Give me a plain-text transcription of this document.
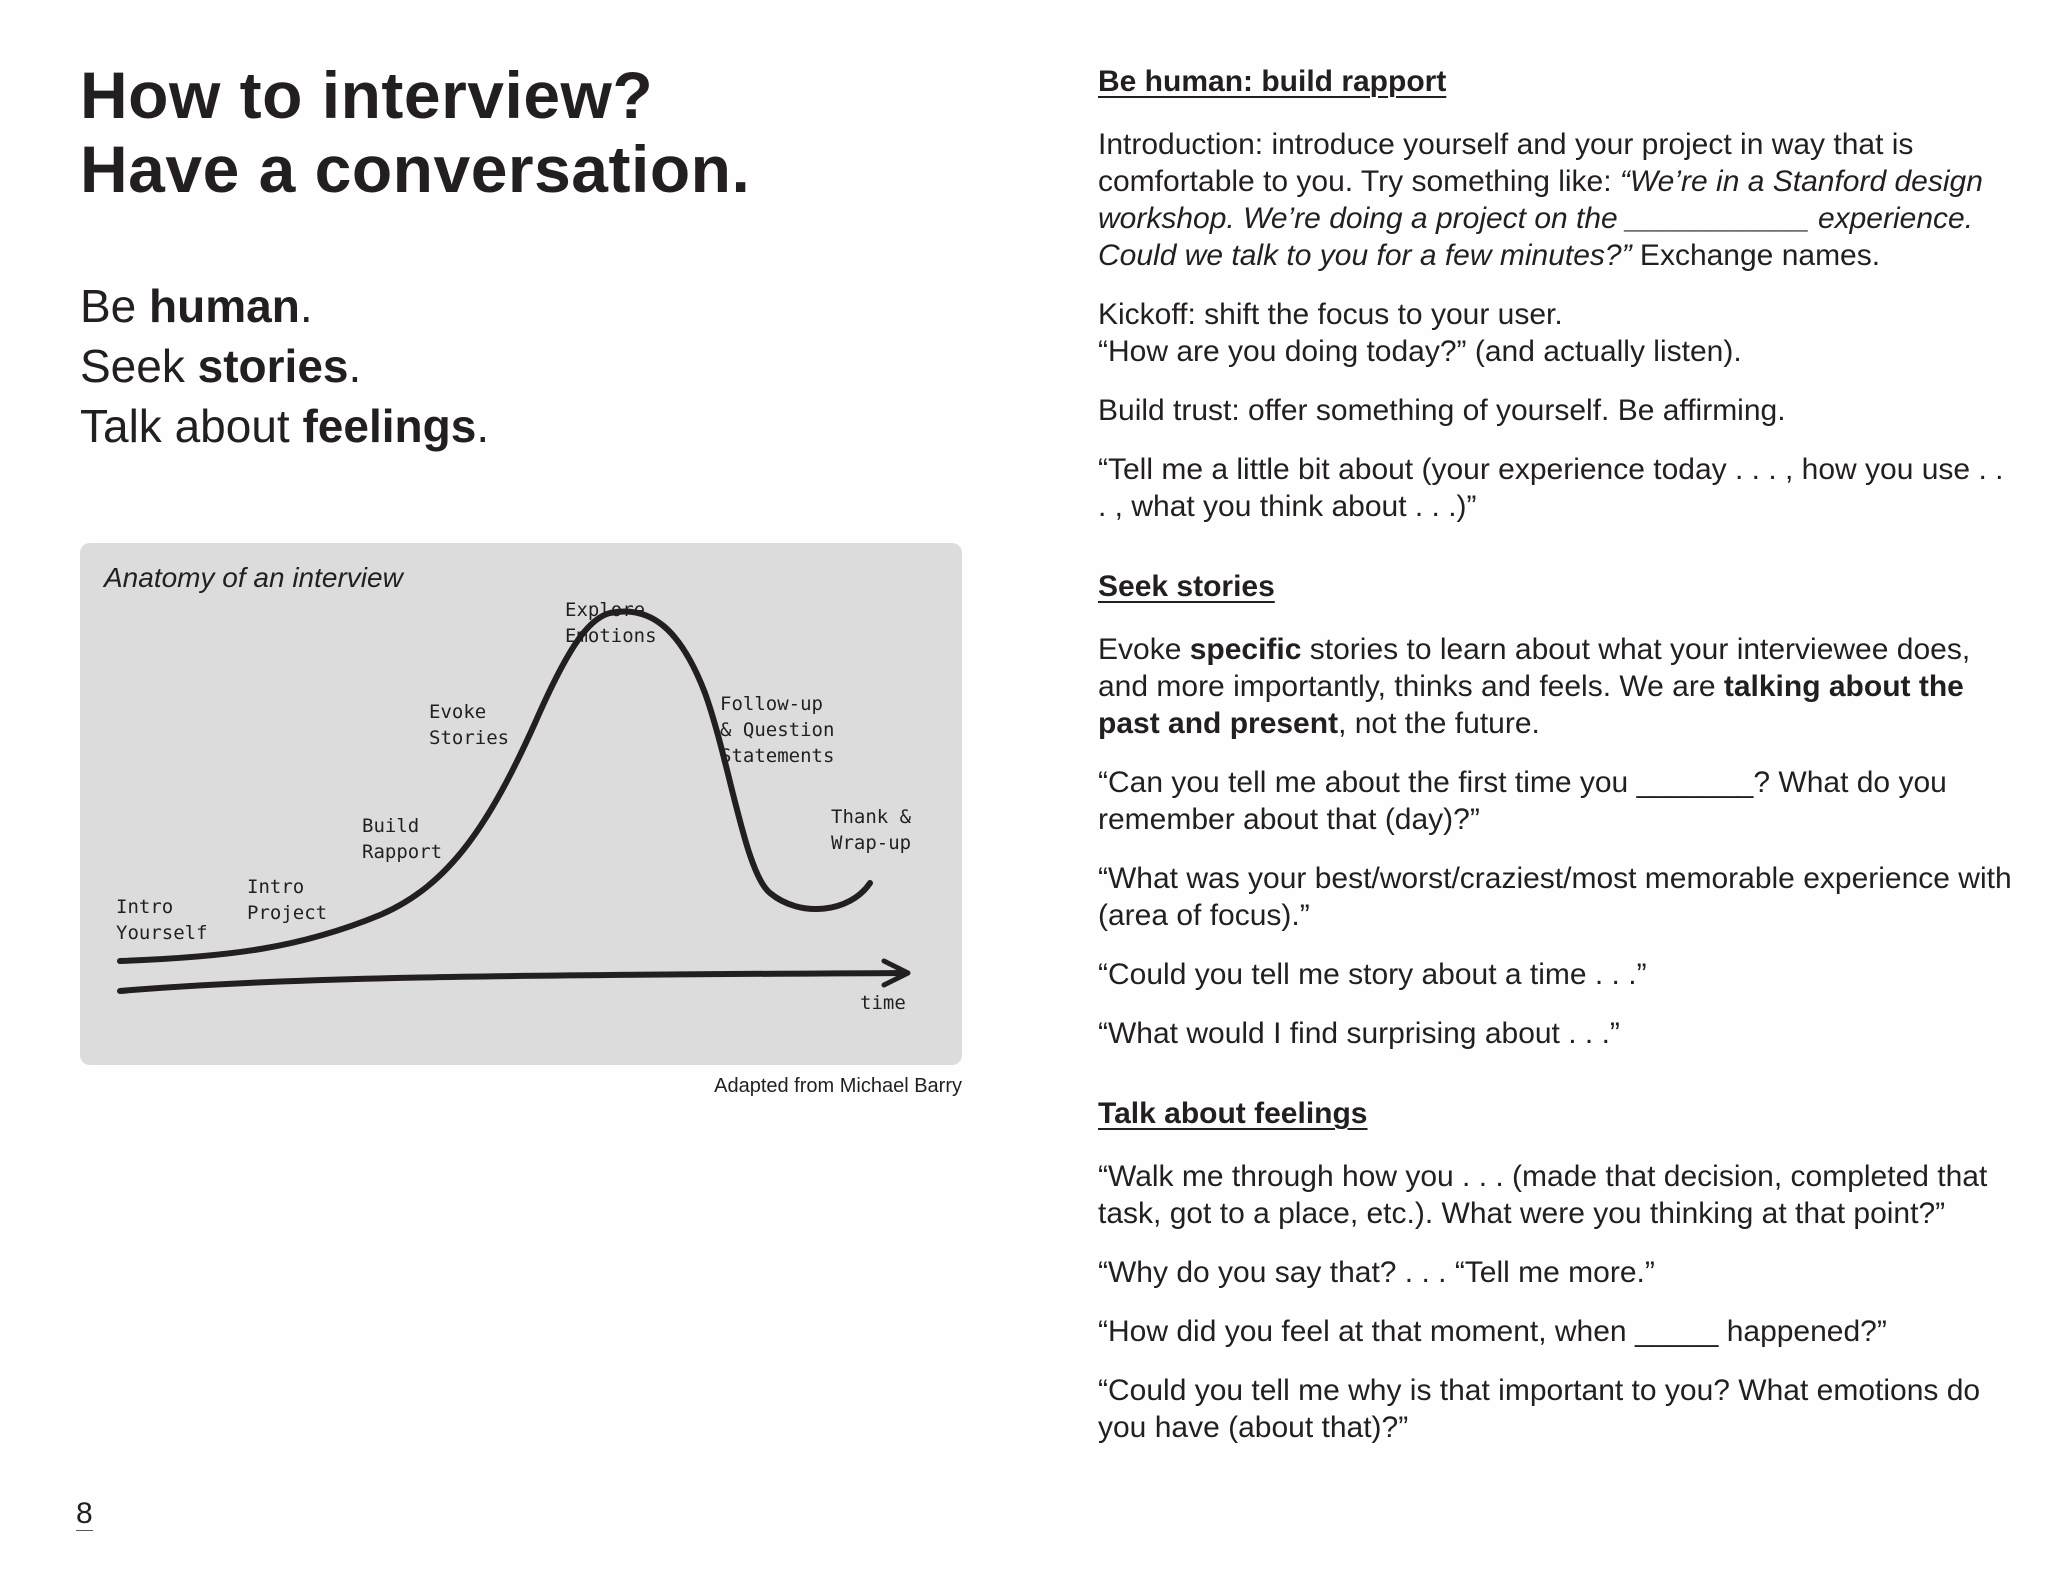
How to interview?
Have a conversation.
Be human.
Seek stories.
Talk about feelings.
Anatomy of an interview
Intro Yourself
Intro Project
Build Rapport
Evoke Stories
Explore Emotions
Follow-up & Question Statements
Thank & Wrap-up
time
Adapted from Michael Barry
8
Be human: build rapport

Introduction: introduce yourself and your project in way that is comfortable to you. Try something like: “We’re in a Stanford design workshop. We’re doing a project on the ___________ experience. Could we talk to you for a few minutes?” Exchange names.

Kickoff: shift the focus to your user.
“How are you doing today?” (and actually listen).

Build trust: offer something of yourself. Be affirming.

“Tell me a little bit about (your experience today . . . , how you use . . . , what you think about . . .)”

Seek stories

Evoke specific stories to learn about what your interviewee does, and more importantly, thinks and feels. We are talking about the past and present, not the future.

“Can you tell me about the first time you _______? What do you remember about that (day)?”

“What was your best/worst/craziest/most memorable experience with (area of focus).”

“Could you tell me story about a time . . .”

“What would I find surprising about . . .”

Talk about feelings

“Walk me through how you . . . (made that decision, completed that task, got to a place, etc.). What were you thinking at that point?”

“Why do you say that? . . . “Tell me more.”

“How did you feel at that moment, when _____ happened?”

“Could you tell me why is that important to you? What emotions do you have (about that)?”
